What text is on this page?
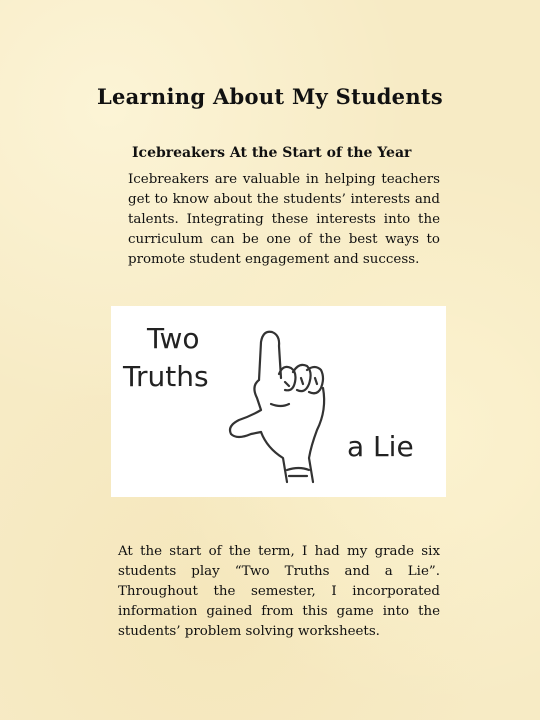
Learning About My Students
Icebreakers At the Start of the Year

Icebreakers are valuable in helping teachers get to know about the students’ interests and talents. Integrating these interests into the curriculum can be one of the best ways to promote student engagement and success.

Two
Truths
a Lie

At the start of the term, I had my grade six students play “Two Truths and a Lie”. Throughout the semester, I incorporated information gained from this game into the students’ problem solving worksheets.
